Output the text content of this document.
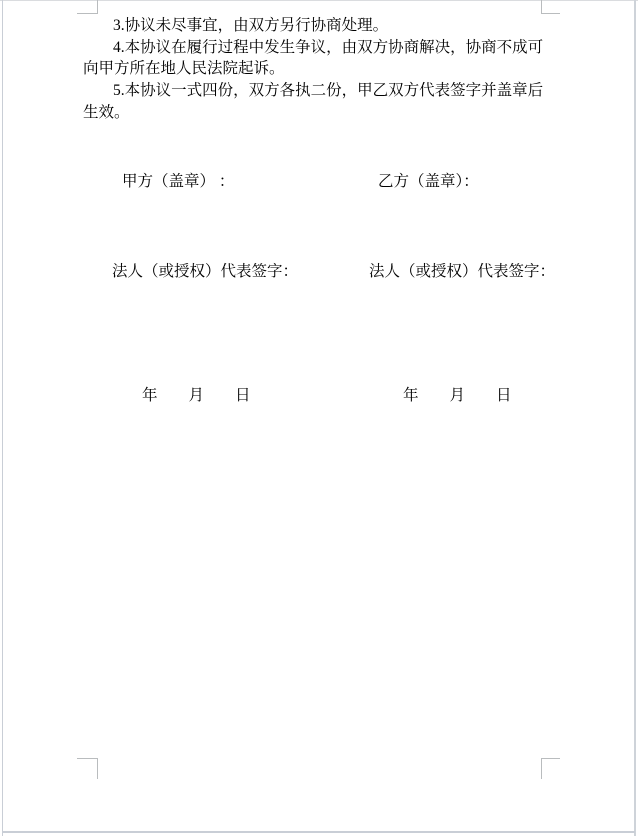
3.协议未尽事宜，由双方另行协商处理。
4.本协议在履行过程中发生争议，由双方协商解决，协商不成可
向甲方所在地人民法院起诉。
5.本协议一式四份，双方各执二份，甲乙双方代表签字并盖章后
生效。
甲方（盖章） ：	乙方（盖章）：
法人（或授权）代表签字：	法人（或授权）代表签字：
年　　月　　日	年　　月　　日
